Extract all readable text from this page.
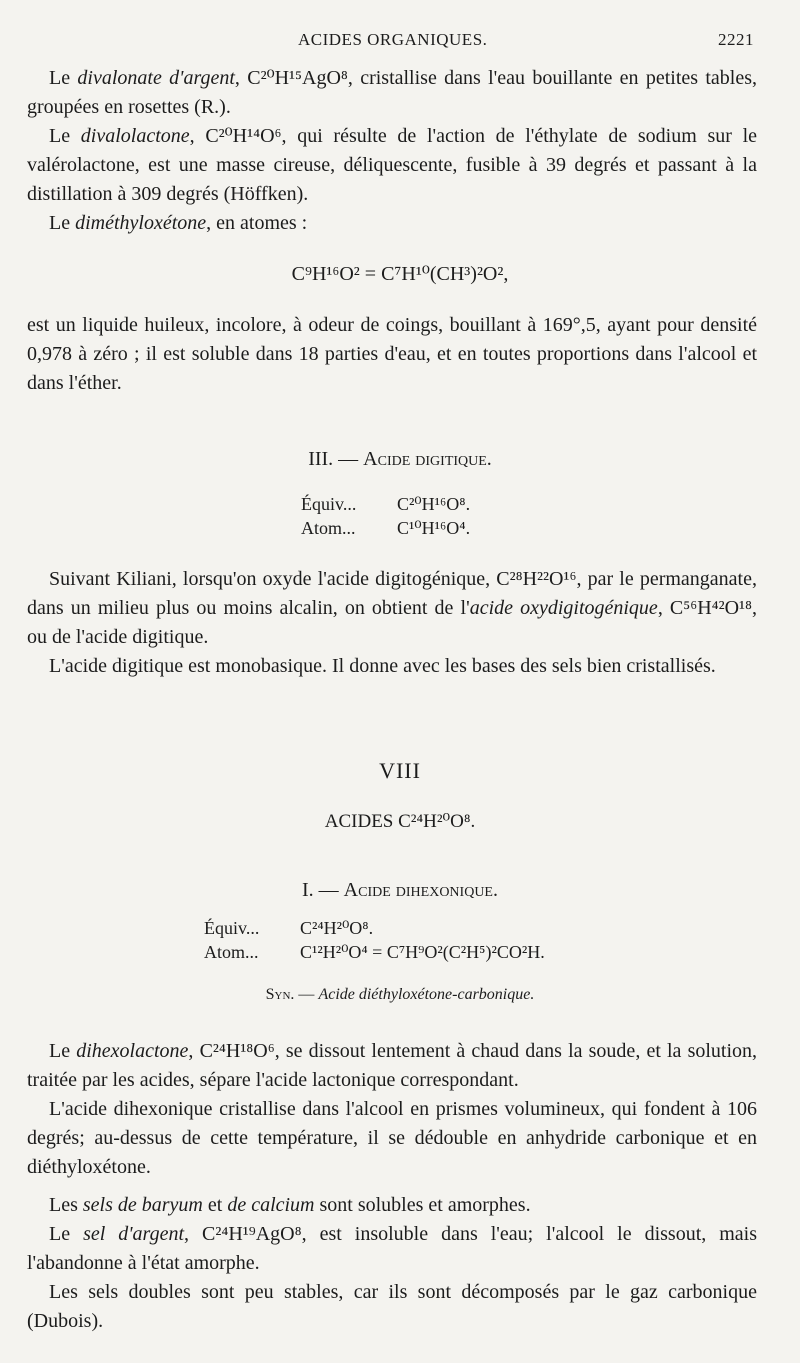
ACIDES ORGANIQUES.	2221

Le divalonate d'argent, C²⁰H¹⁵AgO⁸, cristallise dans l'eau bouillante en petites tables, groupées en rosettes (R.).

Le divalolactone, C²⁰H¹⁴O⁶, qui résulte de l'action de l'éthylate de sodium sur le valérolactone, est une masse cireuse, déliquescente, fusible à 39 degrés et passant à la distillation à 309 degrés (Höffken).

Le diméthyloxétone, en atomes :

C⁹H¹⁶O² = C⁷H¹⁰(CH³)²O²,

est un liquide huileux, incolore, à odeur de coings, bouillant à 169°,5, ayant pour densité 0,978 à zéro ; il est soluble dans 18 parties d'eau, et en toutes proportions dans l'alcool et dans l'éther.

III. — Acide digitique.

Équiv... C²⁰H¹⁶O⁸.
Atom... C¹⁰H¹⁶O⁴.

Suivant Kiliani, lorsqu'on oxyde l'acide digitogénique, C²⁸H²²O¹⁶, par le permanganate, dans un milieu plus ou moins alcalin, on obtient de l'acide oxydigitogénique, C⁵⁶H⁴²O¹⁸, ou de l'acide digitique.

L'acide digitique est monobasique. Il donne avec les bases des sels bien cristallisés.

VIII

ACIDES C²⁴H²⁰O⁸.

I. — Acide dihexonique.

Équiv... C²⁴H²⁰O⁸.
Atom... C¹²H²⁰O⁴ = C⁷H⁹O²(C²H⁵)²CO²H.
Syn. — Acide diéthyloxétone-carbonique.

Le dihexolactone, C²⁴H¹⁸O⁶, se dissout lentement à chaud dans la soude, et la solution, traitée par les acides, sépare l'acide lactonique correspondant.

L'acide dihexonique cristallise dans l'alcool en prismes volumineux, qui fondent à 106 degrés; au-dessus de cette température, il se dédouble en anhydride carbonique et en diéthyloxétone.

Les sels de baryum et de calcium sont solubles et amorphes.

Le sel d'argent, C²⁴H¹⁹AgO⁸, est insoluble dans l'eau; l'alcool le dissout, mais l'abandonne à l'état amorphe.

Les sels doubles sont peu stables, car ils sont décomposés par le gaz carbonique (Dubois).
